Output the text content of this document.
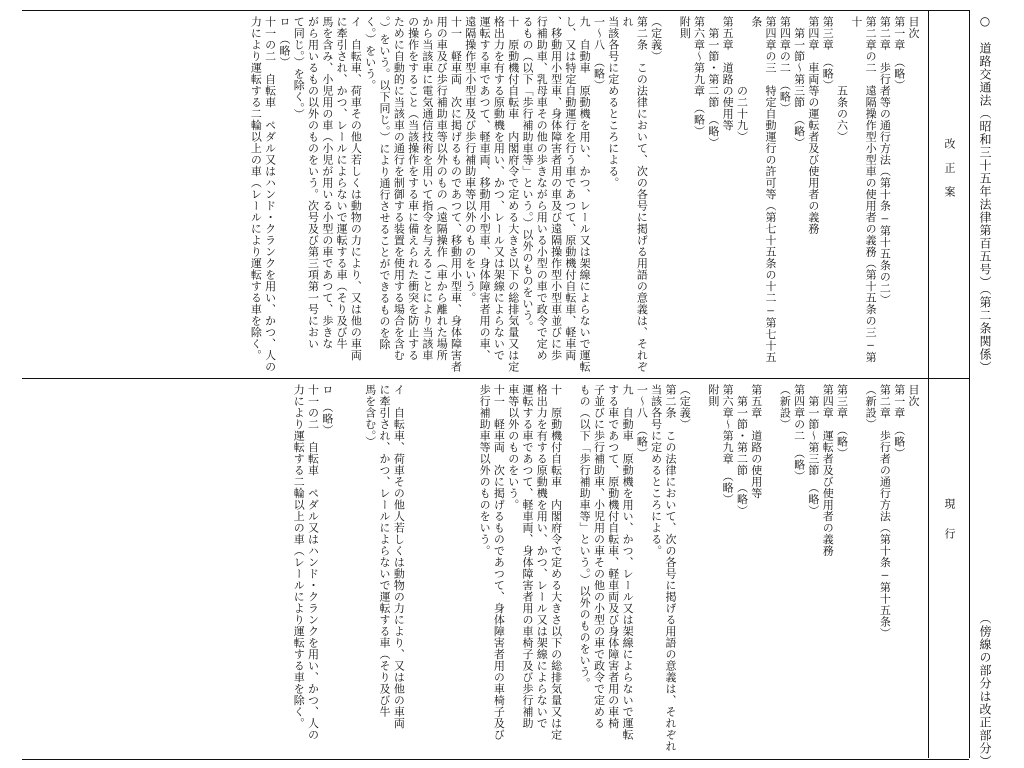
○　道路交通法（昭和三十五年法律第百五号）（第二条関係）
（傍線の部分は改正部分）
改　正　案
現　行
目次
第一章　（略）
第二章　歩行者等の通行方法（第十条―第十五条の二）
第二章の二　遠隔操作型小型車の使用者の義務（第十五条の三―第十
　　　　　　五条の六）
第三章　（略）
第四章　車両等の運転者及び使用者の義務
　第一節～第三節　（略）
第四章の二　（略）
第四章の三　特定自動運行の許可等（第七十五条の十二―第七十五条
　　　　　　の二十九）
第五章　道路の使用等
　第一節・第二節　（略）
第六章～第九章　（略）
附則

（定義）
第二条　この法律において、次の各号に掲げる用語の意義は、それぞれ
当該各号に定めるところによる。
一～八　（略）
九　自動車　原動機を用い、かつ、レール又は架線によらないで運転
し、又は特定自動運行を行う車であつて、原動機付自転車、軽車両
、移動用小型車、身体障害者用の車及び遠隔操作型小型車並びに歩
行補助車、乳母車その他の歩きながら用いる小型の車で政令で定め
るもの（以下「歩行補助車等」という。）以外のものをいう。
十　原動機付自転車　内閣府令で定める大きさ以下の総排気量又は定
格出力を有する原動機を用い、かつ、レール又は架線によらないで
運転する車であつて、軽車両、移動用小型車、身体障害者用の車、
遠隔操作型小型車及び歩行補助車等以外のものをいう。
十一　軽車両　次に掲げるものであつて、移動用小型車、身体障害者
用の車及び歩行補助車等以外のもの（遠隔操作（車から離れた場所
から当該車に電気通信技術を用いて指令を与えることにより当該車
の操作をすること（当該操作をする車に備えられた衝突を防止する
ために自動的に当該車の通行を制御する装置を使用する場合を含む
。）をいう。以下同じ。）により通行させることができるものを除
く。）をいう。
イ　自転車、荷車その他人若しくは動物の力により、又は他の車両
に牽引され、かつ、レールによらないで運転する車（そり及び牛
馬を含み、小児用の車（小児が用いる小型の車であつて、歩きな
がら用いるもの以外のものをいう。次号及び第三項第一号におい
て同じ。）を除く。）
ロ　（略）
十一の二　自転車　ペダル又はハンド・クランクを用い、かつ、人の
力により運転する二輪以上の車（レールにより運転する車を除く。
目次
第一章　（略）
第二章　歩行者の通行方法（第十条―第十五条）
（新設）

第三章　（略）
第四章　運転者及び使用者の義務
　第一節～第三節　（略）
第四章の二　（略）
（新設）

第五章　道路の使用等
　第一節・第二節　（略）
第六章～第九章　（略）
附則

（定義）
第二条　この法律において、次の各号に掲げる用語の意義は、それぞれ
当該各号に定めるところによる。
一～八　（略）
九　自動車　原動機を用い、かつ、レール又は架線によらないで運転
する車であつて、原動機付自転車、軽車両及び身体障害者用の車椅
子並びに歩行補助車、小児用の車その他の小型の車で政令で定める
もの（以下「歩行補助車等」という。）以外のものをいう。

十　原動機付自転車　内閣府令で定める大きさ以下の総排気量又は定
格出力を有する原動機を用い、かつ、レール又は架線によらないで
運転する車であつて、軽車両、身体障害者用の車椅子及び歩行補助
車等以外のものをいう。
十一　軽車両　次に掲げるものであつて、身体障害者用の車椅子及び
歩行補助車等以外のものをいう。

イ　自転車、荷車その他人若しくは動物の力により、又は他の車両
に牽引され、かつ、レールによらないで運転する車（そり及び牛
馬を含む。）

ロ　（略）
十一の二　自転車　ペダル又はハンド・クランクを用い、かつ、人の
力により運転する二輪以上の車（レールにより運転する車を除く。
